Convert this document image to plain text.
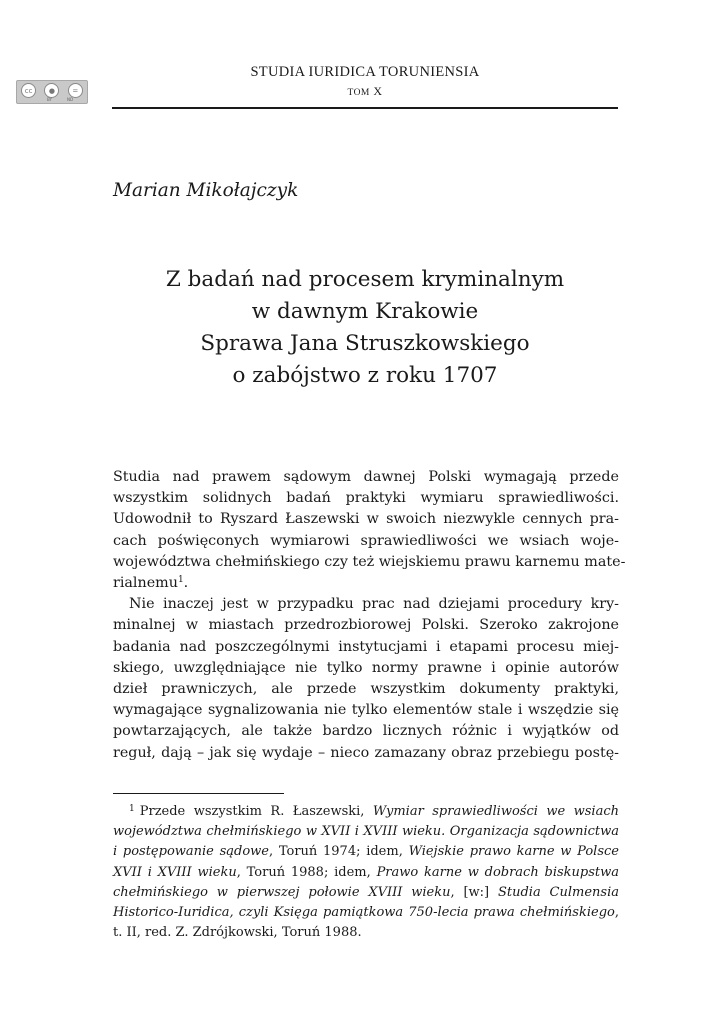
cc	●	=
BY	ND
STUDIA IURIDICA TORUNIENSIA
TOM X
Marian Mikołajczyk
Z badań nad procesem kryminalnym
w dawnym Krakowie
Sprawa Jana Struszkowskiego
o zabójstwo z roku 1707
Studia nad prawem sądowym dawnej Polski wymagają przede
wszystkim solidnych badań praktyki wymiaru sprawiedliwości.
Udowodnił to Ryszard Łaszewski w swoich niezwykle cennych pra-
cach poświęconych wymiarowi sprawiedliwości we wsiach woje-
województwa chełmińskiego czy też wiejskiemu prawu karnemu mate-
rialnemu$^1$.
Nie inaczej jest w przypadku prac nad dziejami procedury kry-
minalnej w miastach przedrozbiorowej Polski. Szeroko zakrojone
badania nad poszczególnymi instytucjami i etapami procesu miej-
skiego, uwzględniające nie tylko normy prawne i opinie autorów
dzieł prawniczych, ale przede wszystkim dokumenty praktyki,
wymagające sygnalizowania nie tylko elementów stale i wszędzie się
powtarzających, ale także bardzo licznych różnic i wyjątków od
reguł, dają – jak się wydaje – nieco zamazany obraz przebiegu postę-
$^1$ Przede wszystkim R. Łaszewski, Wymiar sprawiedliwości we wsiach
województwa chełmińskiego w XVII i XVIII wieku. Organizacja sądownictwa
i postępowanie sądowe, Toruń 1974; idem, Wiejskie prawo karne w Polsce
XVII i XVIII wieku, Toruń 1988; idem, Prawo karne w dobrach biskupstwa
chełmińskiego w pierwszej połowie XVIII wieku, [w:] Studia Culmensia
Historico-Iuridica, czyli Księga pamiątkowa 750-lecia prawa chełmińskiego,
t. II, red. Z. Zdrójkowski, Toruń 1988.
